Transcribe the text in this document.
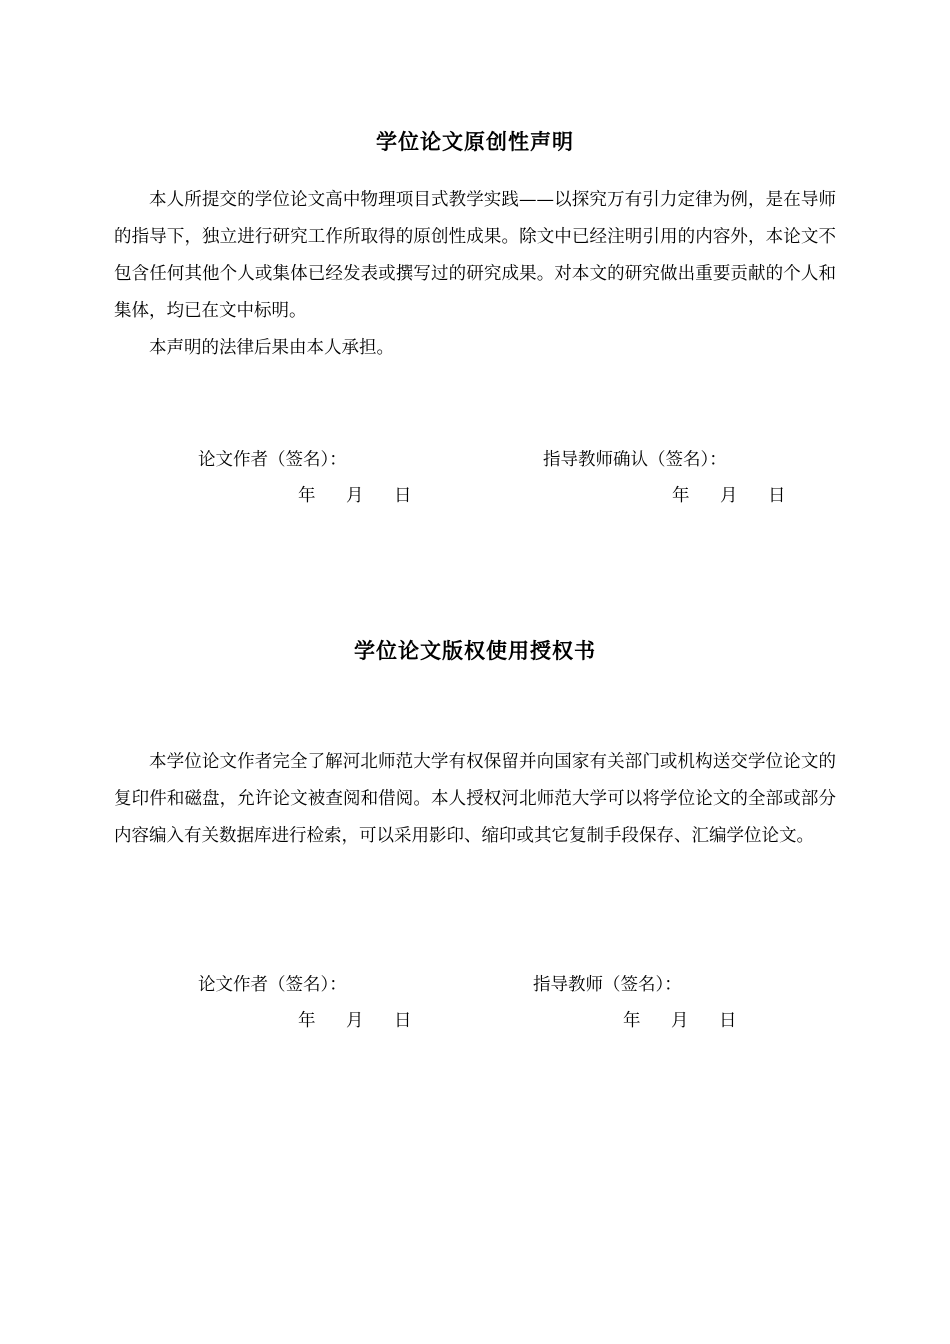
学位论文原创性声明

本人所提交的学位论文高中物理项目式教学实践——以探究万有引力定律为例，是在导师的指导下，独立进行研究工作所取得的原创性成果。除文中已经注明引用的内容外，本论文不包含任何其他个人或集体已经发表或撰写过的研究成果。对本文的研究做出重要贡献的个人和集体，均已在文中标明。

本声明的法律后果由本人承担。

论文作者（签名）：	指导教师确认（签名）：
年 月 日	年 月 日
学位论文版权使用授权书

本学位论文作者完全了解河北师范大学有权保留并向国家有关部门或机构送交学位论文的复印件和磁盘，允许论文被查阅和借阅。本人授权河北师范大学可以将学位论文的全部或部分内容编入有关数据库进行检索，可以采用影印、缩印或其它复制手段保存、汇编学位论文。

论文作者（签名）：	指导教师（签名）：
年 月 日	年 月 日
